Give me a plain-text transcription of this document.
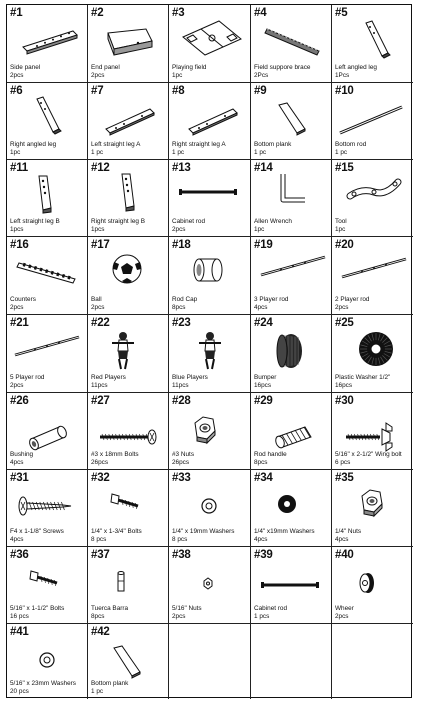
#1
Side panel
2pcs
#2
End panel
2pcs
#3
Playing field
1pc
#4
Field suppore brace
2Pcs
#5
Left angled leg
1Pcs
#6
Right angled leg
1pc
#7
Left straight leg A
1 pc
#8
Right straight leg A
1 pc
#9
Bottom plank
1 pc
#10
Bottom rod
1 pc
#11
Left straight leg B
1pcs
#12
Right straight leg B
1pcs
#13
Cabinet rod
2pcs
#14
Allen Wrench
1pc
#15
Tool
1pc
#16
Counters
2pcs
#17
Ball
2pcs
#18
Rod Cap
8pcs
#19
3 Player rod
4pcs
#20
2 Player rod
2pcs
#21
5 Player rod
2pcs
#22
Red Players
11pcs
#23
Blue Players
11pcs
#24
Bumper
16pcs
#25
Plastic Washer 1/2"
16pcs
#26
Bushing
4pcs
#27
#3 x 18mm Bolts
26pcs
#28
#3 Nuts
26pcs
#29
Rod handle
8pcs
#30
5/16" x 2-1/2" Wing bolt
6 pcs
#31
F4 x 1-1/8" Screws
4pcs
#32
1/4" x 1-3/4" Bolts
8 pcs
#33
1/4" x 19mm Washers
8 pcs
#34
1/4" x19mm Washers
4pcs
#35
1/4" Nuts
4pcs
#36
5/16" x 1-1/2" Bolts
16 pcs
#37
Tuerca Barra
8pcs
#38
5/16" Nuts
2pcs
#39
Cabinet rod
1 pcs
#40
Wheer
2pcs
#41
5/16" x 23mm Washers
20 pcs
#42
Bottom plank
1 pc
